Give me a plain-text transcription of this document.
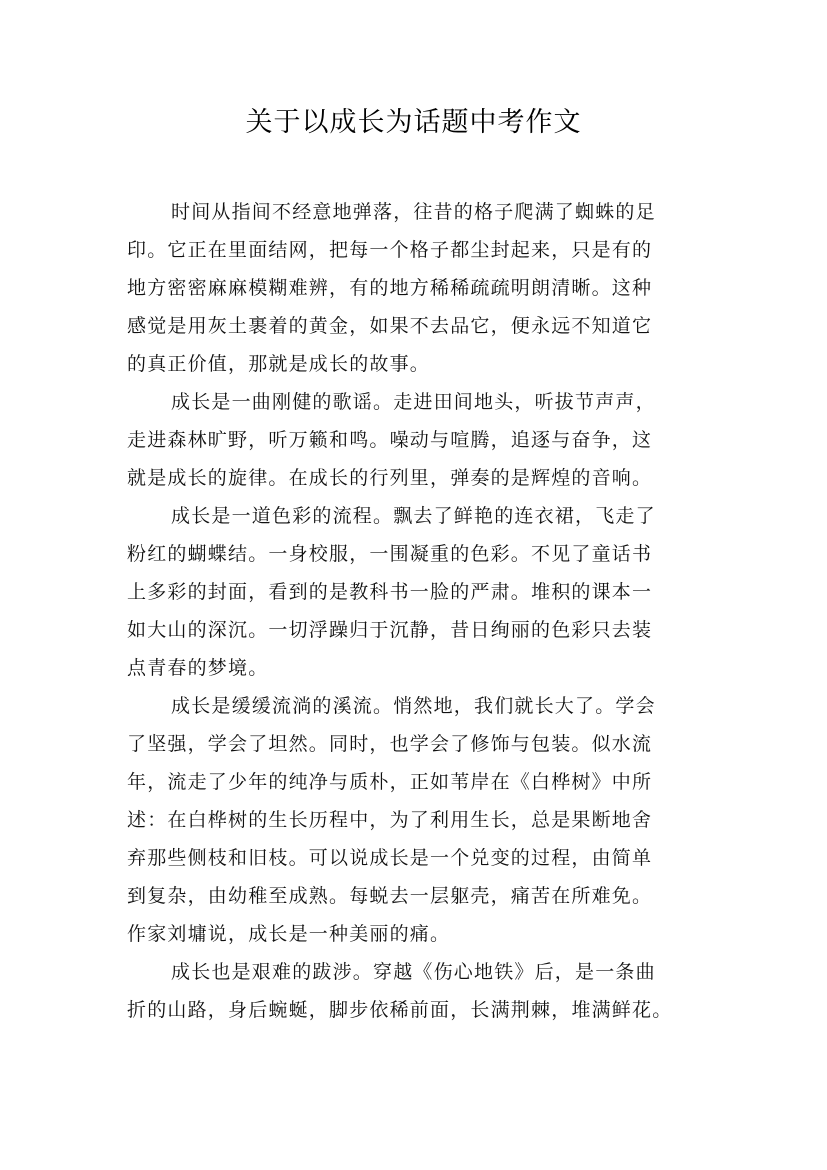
关于以成长为话题中考作文
时间从指间不经意地弹落，往昔的格子爬满了蜘蛛的足
印。它正在里面结网，把每一个格子都尘封起来，只是有的
地方密密麻麻模糊难辨，有的地方稀稀疏疏明朗清晰。这种
感觉是用灰土裹着的黄金，如果不去品它，便永远不知道它
的真正价值，那就是成长的故事。
成长是一曲刚健的歌谣。走进田间地头，听拔节声声，
走进森林旷野，听万籁和鸣。噪动与喧腾，追逐与奋争，这
就是成长的旋律。在成长的行列里，弹奏的是辉煌的音响。
成长是一道色彩的流程。飘去了鲜艳的连衣裙，飞走了
粉红的蝴蝶结。一身校服，一围凝重的色彩。不见了童话书
上多彩的封面，看到的是教科书一脸的严肃。堆积的课本一
如大山的深沉。一切浮躁归于沉静，昔日绚丽的色彩只去装
点青春的梦境。
成长是缓缓流淌的溪流。悄然地，我们就长大了。学会
了坚强，学会了坦然。同时，也学会了修饰与包装。似水流
年，流走了少年的纯净与质朴，正如苇岸在《白桦树》中所
述：在白桦树的生长历程中，为了利用生长，总是果断地舍
弃那些侧枝和旧枝。可以说成长是一个兑变的过程，由简单
到复杂，由幼稚至成熟。每蜕去一层躯壳，痛苦在所难免。
作家刘墉说，成长是一种美丽的痛。
成长也是艰难的跋涉。穿越《伤心地铁》后，是一条曲
折的山路，身后蜿蜒，脚步依稀前面，长满荆棘，堆满鲜花。
